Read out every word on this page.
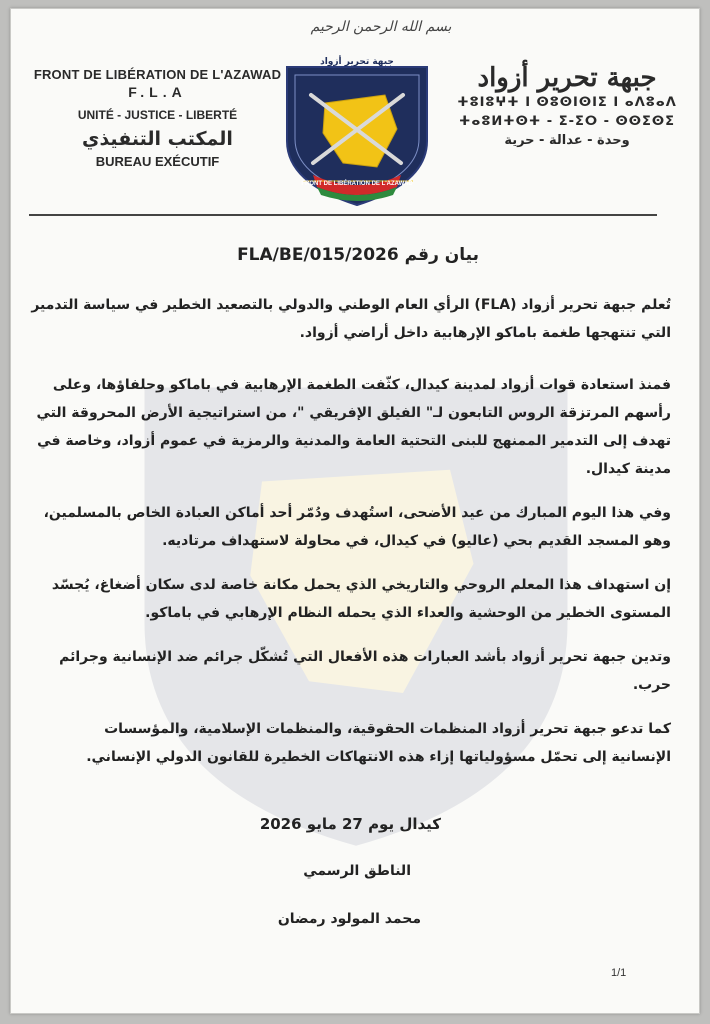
بسم الله الرحمن الرحيم
FRONT DE LIBÉRATION DE L'AZAWAD
F.L.A
UNITÉ - JUSTICE - LIBERTÉ
المكتب التنفيذي
BUREAU EXÉCUTIF
جبهة تحرير أزواد
FRONT DE LIBÉRATION DE L'AZAWAD
جبهة تحرير أزواد
ⵜⵓⵏⵓⵖⵜ ⵏ ⵙⵓⵙⵏⵙⵏⵉ ⵏ ⴰⴷⵓⴰⴷ
ⵜⴰⵓⵍⵜⵙⵜ - ⵉ-ⵉⵔ - ⵙⵙⵉⵙⵉ
وحدة - عدالة - حرية
بيان رقم 2026/FLA/BE/015
تُعلم جبهة تحرير أزواد (FLA) الرأي العام الوطني والدولي بالتصعيد الخطير في سياسة التدمير
التي تنتهجها طغمة باماكو الإرهابية داخل أراضي أزواد.
فمنذ استعادة قوات أزواد لمدينة كيدال، كثّفت الطغمة الإرهابية في باماكو وحلفاؤها، وعلى
رأسهم المرتزقة الروس التابعون لـ" الفيلق الإفريقي "، من استراتيجية الأرض المحروقة التي
تهدف إلى التدمير الممنهج للبنى التحتية العامة والمدنية والرمزية في عموم أزواد، وخاصة في
مدينة كيدال.
وفي هذا اليوم المبارك من عيد الأضحى، استُهدف ودُمّر أحد أماكن العبادة الخاص بالمسلمين،
وهو المسجد القديم بحي (عاليو) في كيدال، في محاولة لاستهداف مرتاديه.
إن استهداف هذا المعلم الروحي والتاريخي الذي يحمل مكانة خاصة لدى سكان أضغاغ، يُجسّد
المستوى الخطير من الوحشية والعداء الذي يحمله النظام الإرهابي في باماكو.
وتدين جبهة تحرير أزواد بأشد العبارات هذه الأفعال التي تُشكّل جرائم ضد الإنسانية وجرائم
حرب.
كما تدعو جبهة تحرير أزواد المنظمات الحقوقية، والمنظمات الإسلامية، والمؤسسات
الإنسانية إلى تحمّل مسؤولياتها إزاء هذه الانتهاكات الخطيرة للقانون الدولي الإنساني.
كيدال يوم 27 مايو 2026
الناطق الرسمي
محمد المولود رمضان
1/1
